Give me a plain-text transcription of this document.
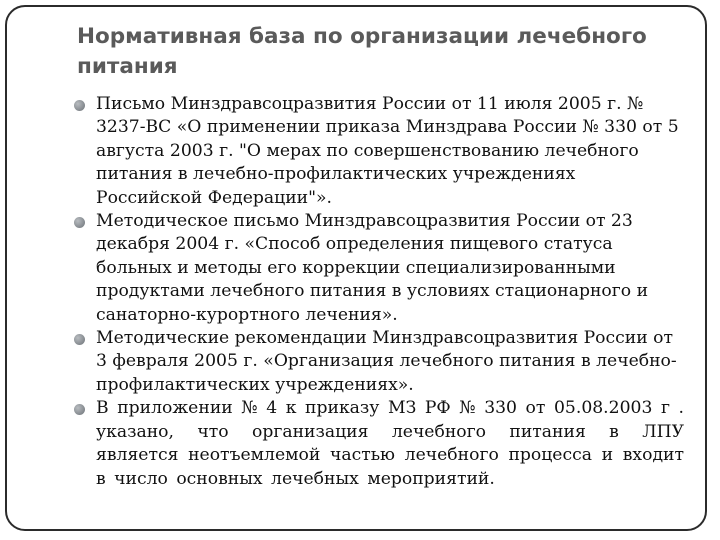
Нормативная база по организации лечебного питания
Письмо Минздравсоцразвития России от 11 июля 2005 г. № 3237-ВС «О применении приказа Минздрава России № 330 от 5 августа 2003 г. "О мерах по совершенствованию лечебного питания в лечебно-профилактических учреждениях Российской Федерации"».
Методическое письмо Минздравсоцразвития России от 23 декабря 2004 г. «Способ определения пищевого статуса больных и методы его коррекции специализированными продуктами лечебного питания в условиях стационарного и санаторно-курортного лечения».
Методические рекомендации Минздравсоцразвития России от 3 февраля 2005 г. «Организация лечебного питания в лечебно-профилактических учреждениях».
В приложении № 4 к приказу МЗ РФ № 330 от 05.08.2003 г . указано, что организация лечебного питания в ЛПУ является неотъемлемой частью лечебного процесса и входит в число основных лечебных мероприятий.
